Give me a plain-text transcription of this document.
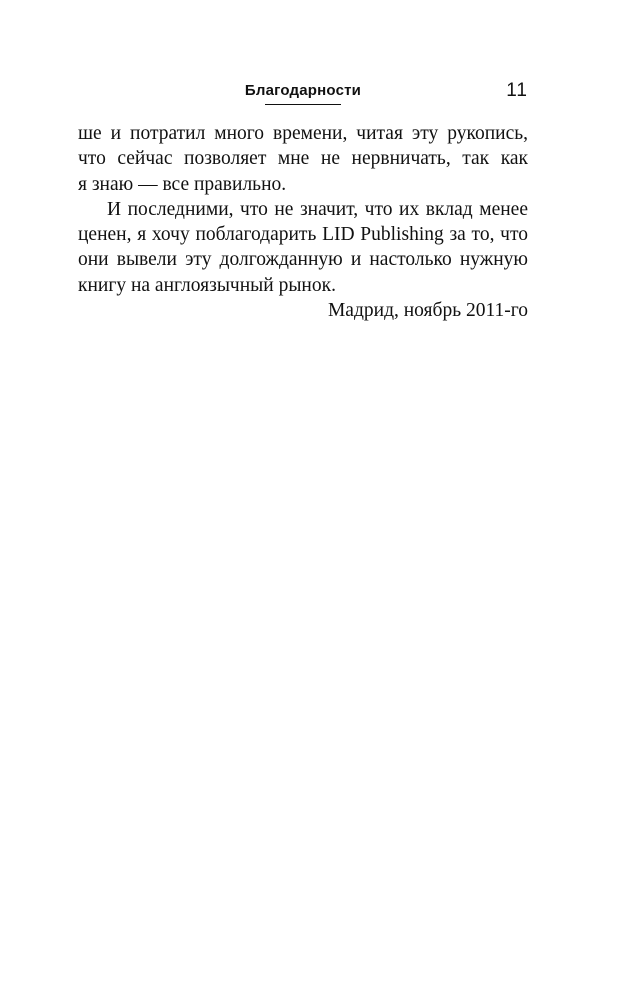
Благодарности	11
ше и потратил много времени, читая эту рукопись,
что сейчас позволяет мне не нервничать, так как
я знаю — все правильно.
И последними, что не значит, что их вклад менее
ценен, я хочу поблагодарить LID Publishing за то, что
они вывели эту долгожданную и настолько нужную
книгу на англоязычный рынок.
Мадрид, ноябрь 2011-го
